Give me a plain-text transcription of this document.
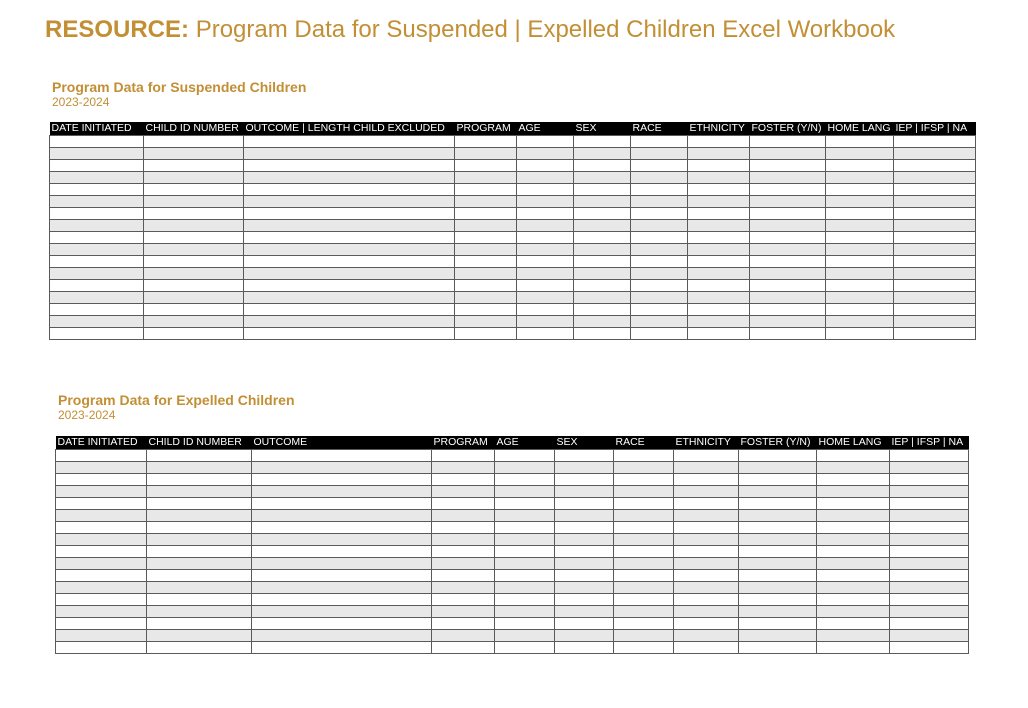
RESOURCE: Program Data for Suspended | Expelled Children Excel Workbook
Program Data for Suspended Children
2023-2024
DATE INITIATED	CHILD ID NUMBER	OUTCOME | LENGTH CHILD EXCLUDED	PROGRAM	AGE	SEX	RACE	ETHNICITY	FOSTER (Y/N)	HOME LANG	IEP | IFSP | NA

Program Data for Expelled Children
2023-2024
DATE INITIATED	CHILD ID NUMBER	OUTCOME	PROGRAM	AGE	SEX	RACE	ETHNICITY	FOSTER (Y/N)	HOME LANG	IEP | IFSP | NA
